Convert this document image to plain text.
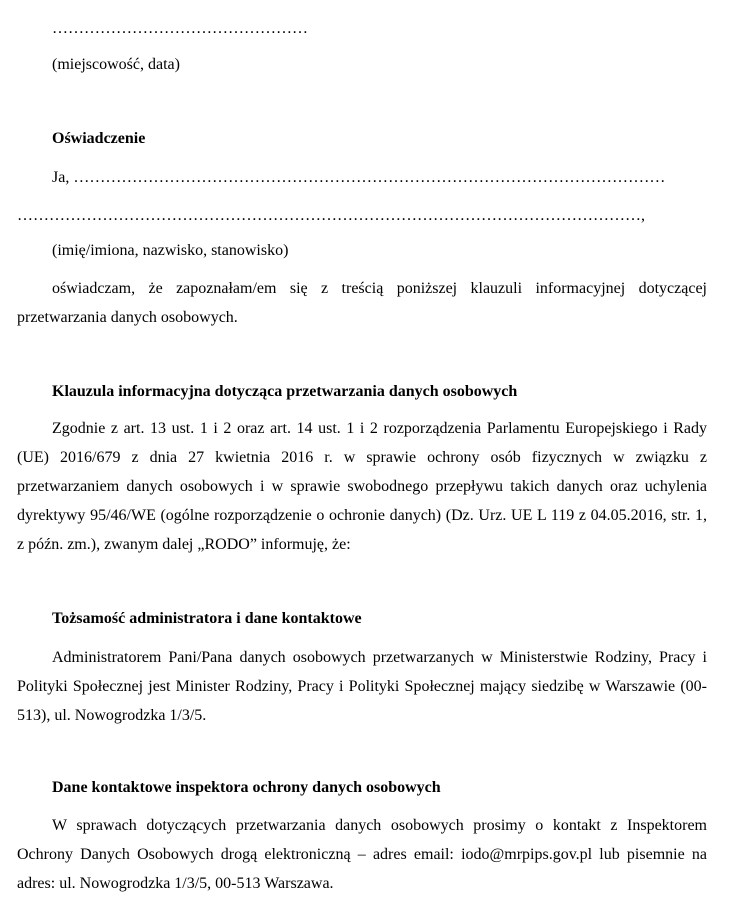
…………………………………………
(miejscowość, data)
Oświadczenie
Ja, …………………………………………………………………………………………………
………………………………………………………………………………………………………,
(imię/imiona, nazwisko, stanowisko)

oświadczam, że zapoznałam/em się z treścią poniższej klauzuli informacyjnej dotyczącej przetwarzania danych osobowych.

Klauzula informacyjna dotycząca przetwarzania danych osobowych

Zgodnie z art. 13 ust. 1 i 2 oraz art. 14 ust. 1 i 2 rozporządzenia Parlamentu Europejskiego i Rady (UE) 2016/679 z dnia 27 kwietnia 2016 r. w sprawie ochrony osób fizycznych w związku z przetwarzaniem danych osobowych i w sprawie swobodnego przepływu takich danych oraz uchylenia dyrektywy 95/46/WE (ogólne rozporządzenie o ochronie danych) (Dz. Urz. UE L 119 z 04.05.2016, str. 1, z późn. zm.), zwanym dalej „RODO” informuję, że:

Tożsamość administratora i dane kontaktowe

Administratorem Pani/Pana danych osobowych przetwarzanych w Ministerstwie Rodziny, Pracy i Polityki Społecznej jest Minister Rodziny, Pracy i Polityki Społecznej mający siedzibę w Warszawie (00-513), ul. Nowogrodzka 1/3/5.

Dane kontaktowe inspektora ochrony danych osobowych

W sprawach dotyczących przetwarzania danych osobowych prosimy o kontakt z Inspektorem Ochrony Danych Osobowych drogą elektroniczną – adres email: iodo@mrpips.gov.pl lub pisemnie na adres: ul. Nowogrodzka 1/3/5, 00-513 Warszawa.
